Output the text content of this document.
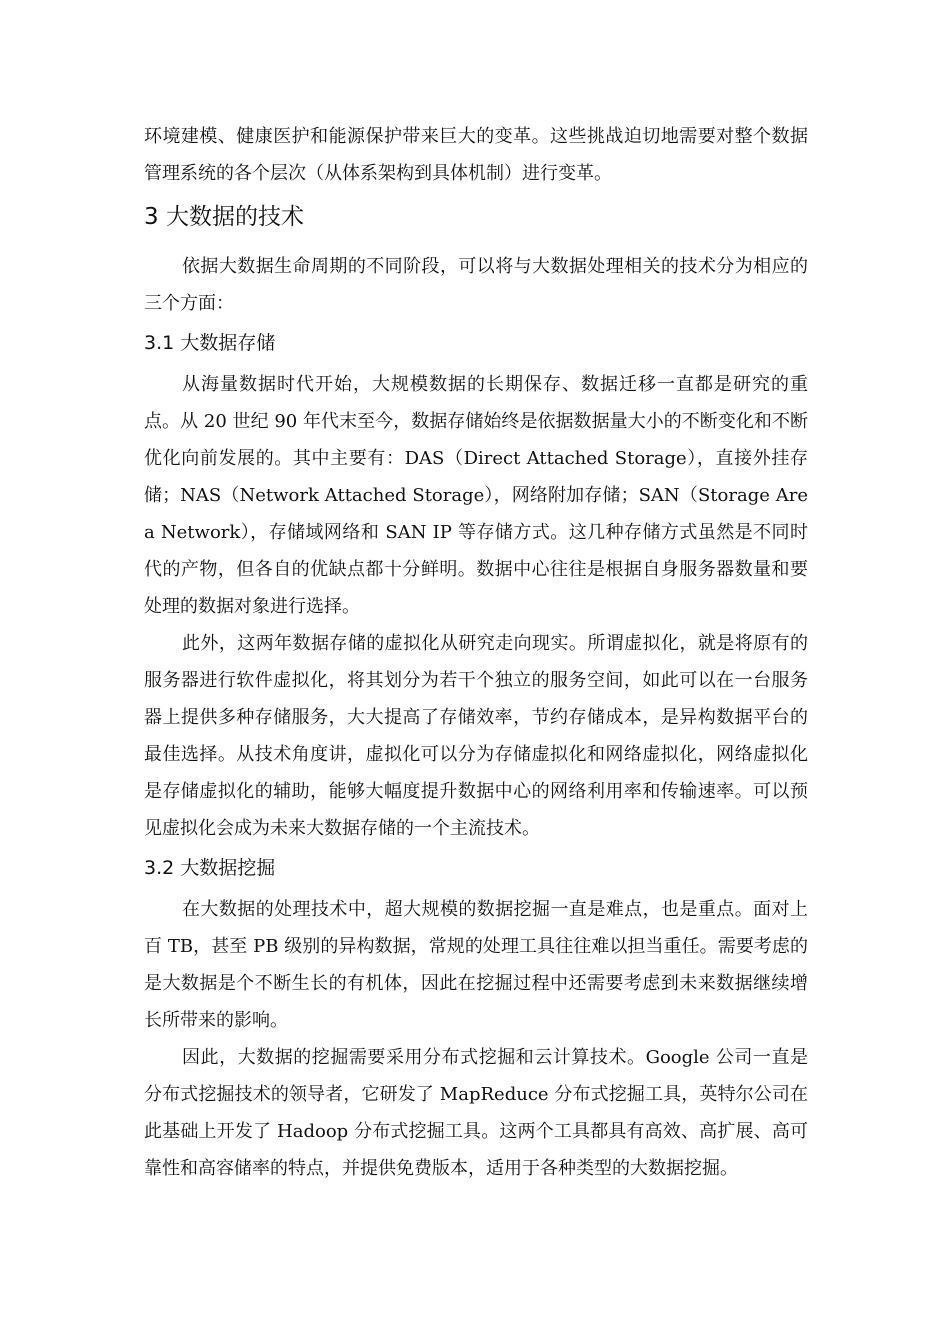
环境建模、健康医护和能源保护带来巨大的变革。这些挑战迫切地需要对整个数据管理系统的各个层次（从体系架构到具体机制）进行变革。

3 大数据的技术

依据大数据生命周期的不同阶段，可以将与大数据处理相关的技术分为相应的三个方面：

3.1 大数据存储

从海量数据时代开始，大规模数据的长期保存、数据迁移一直都是研究的重点。从 20 世纪 90 年代末至今，数据存储始终是依据数据量大小的不断变化和不断优化向前发展的。其中主要有：DAS（Direct Attached Storage），直接外挂存储；NAS（Network Attached Storage），网络附加存储；SAN（Storage Area Network），存储域网络和 SAN IP 等存储方式。这几种存储方式虽然是不同时代的产物，但各自的优缺点都十分鲜明。数据中心往往是根据自身服务器数量和要处理的数据对象进行选择。

此外，这两年数据存储的虚拟化从研究走向现实。所谓虚拟化，就是将原有的服务器进行软件虚拟化，将其划分为若干个独立的服务空间，如此可以在一台服务器上提供多种存储服务，大大提高了存储效率，节约存储成本，是异构数据平台的最佳选择。从技术角度讲，虚拟化可以分为存储虚拟化和网络虚拟化，网络虚拟化是存储虚拟化的辅助，能够大幅度提升数据中心的网络利用率和传输速率。可以预见虚拟化会成为未来大数据存储的一个主流技术。

3.2 大数据挖掘

在大数据的处理技术中，超大规模的数据挖掘一直是难点，也是重点。面对上百 TB，甚至 PB 级别的异构数据，常规的处理工具往往难以担当重任。需要考虑的是大数据是个不断生长的有机体，因此在挖掘过程中还需要考虑到未来数据继续增长所带来的影响。

因此，大数据的挖掘需要采用分布式挖掘和云计算技术。Google 公司一直是分布式挖掘技术的领导者，它研发了 MapReduce 分布式挖掘工具，英特尔公司在此基础上开发了 Hadoop 分布式挖掘工具。这两个工具都具有高效、高扩展、高可靠性和高容储率的特点，并提供免费版本，适用于各种类型的大数据挖掘。
